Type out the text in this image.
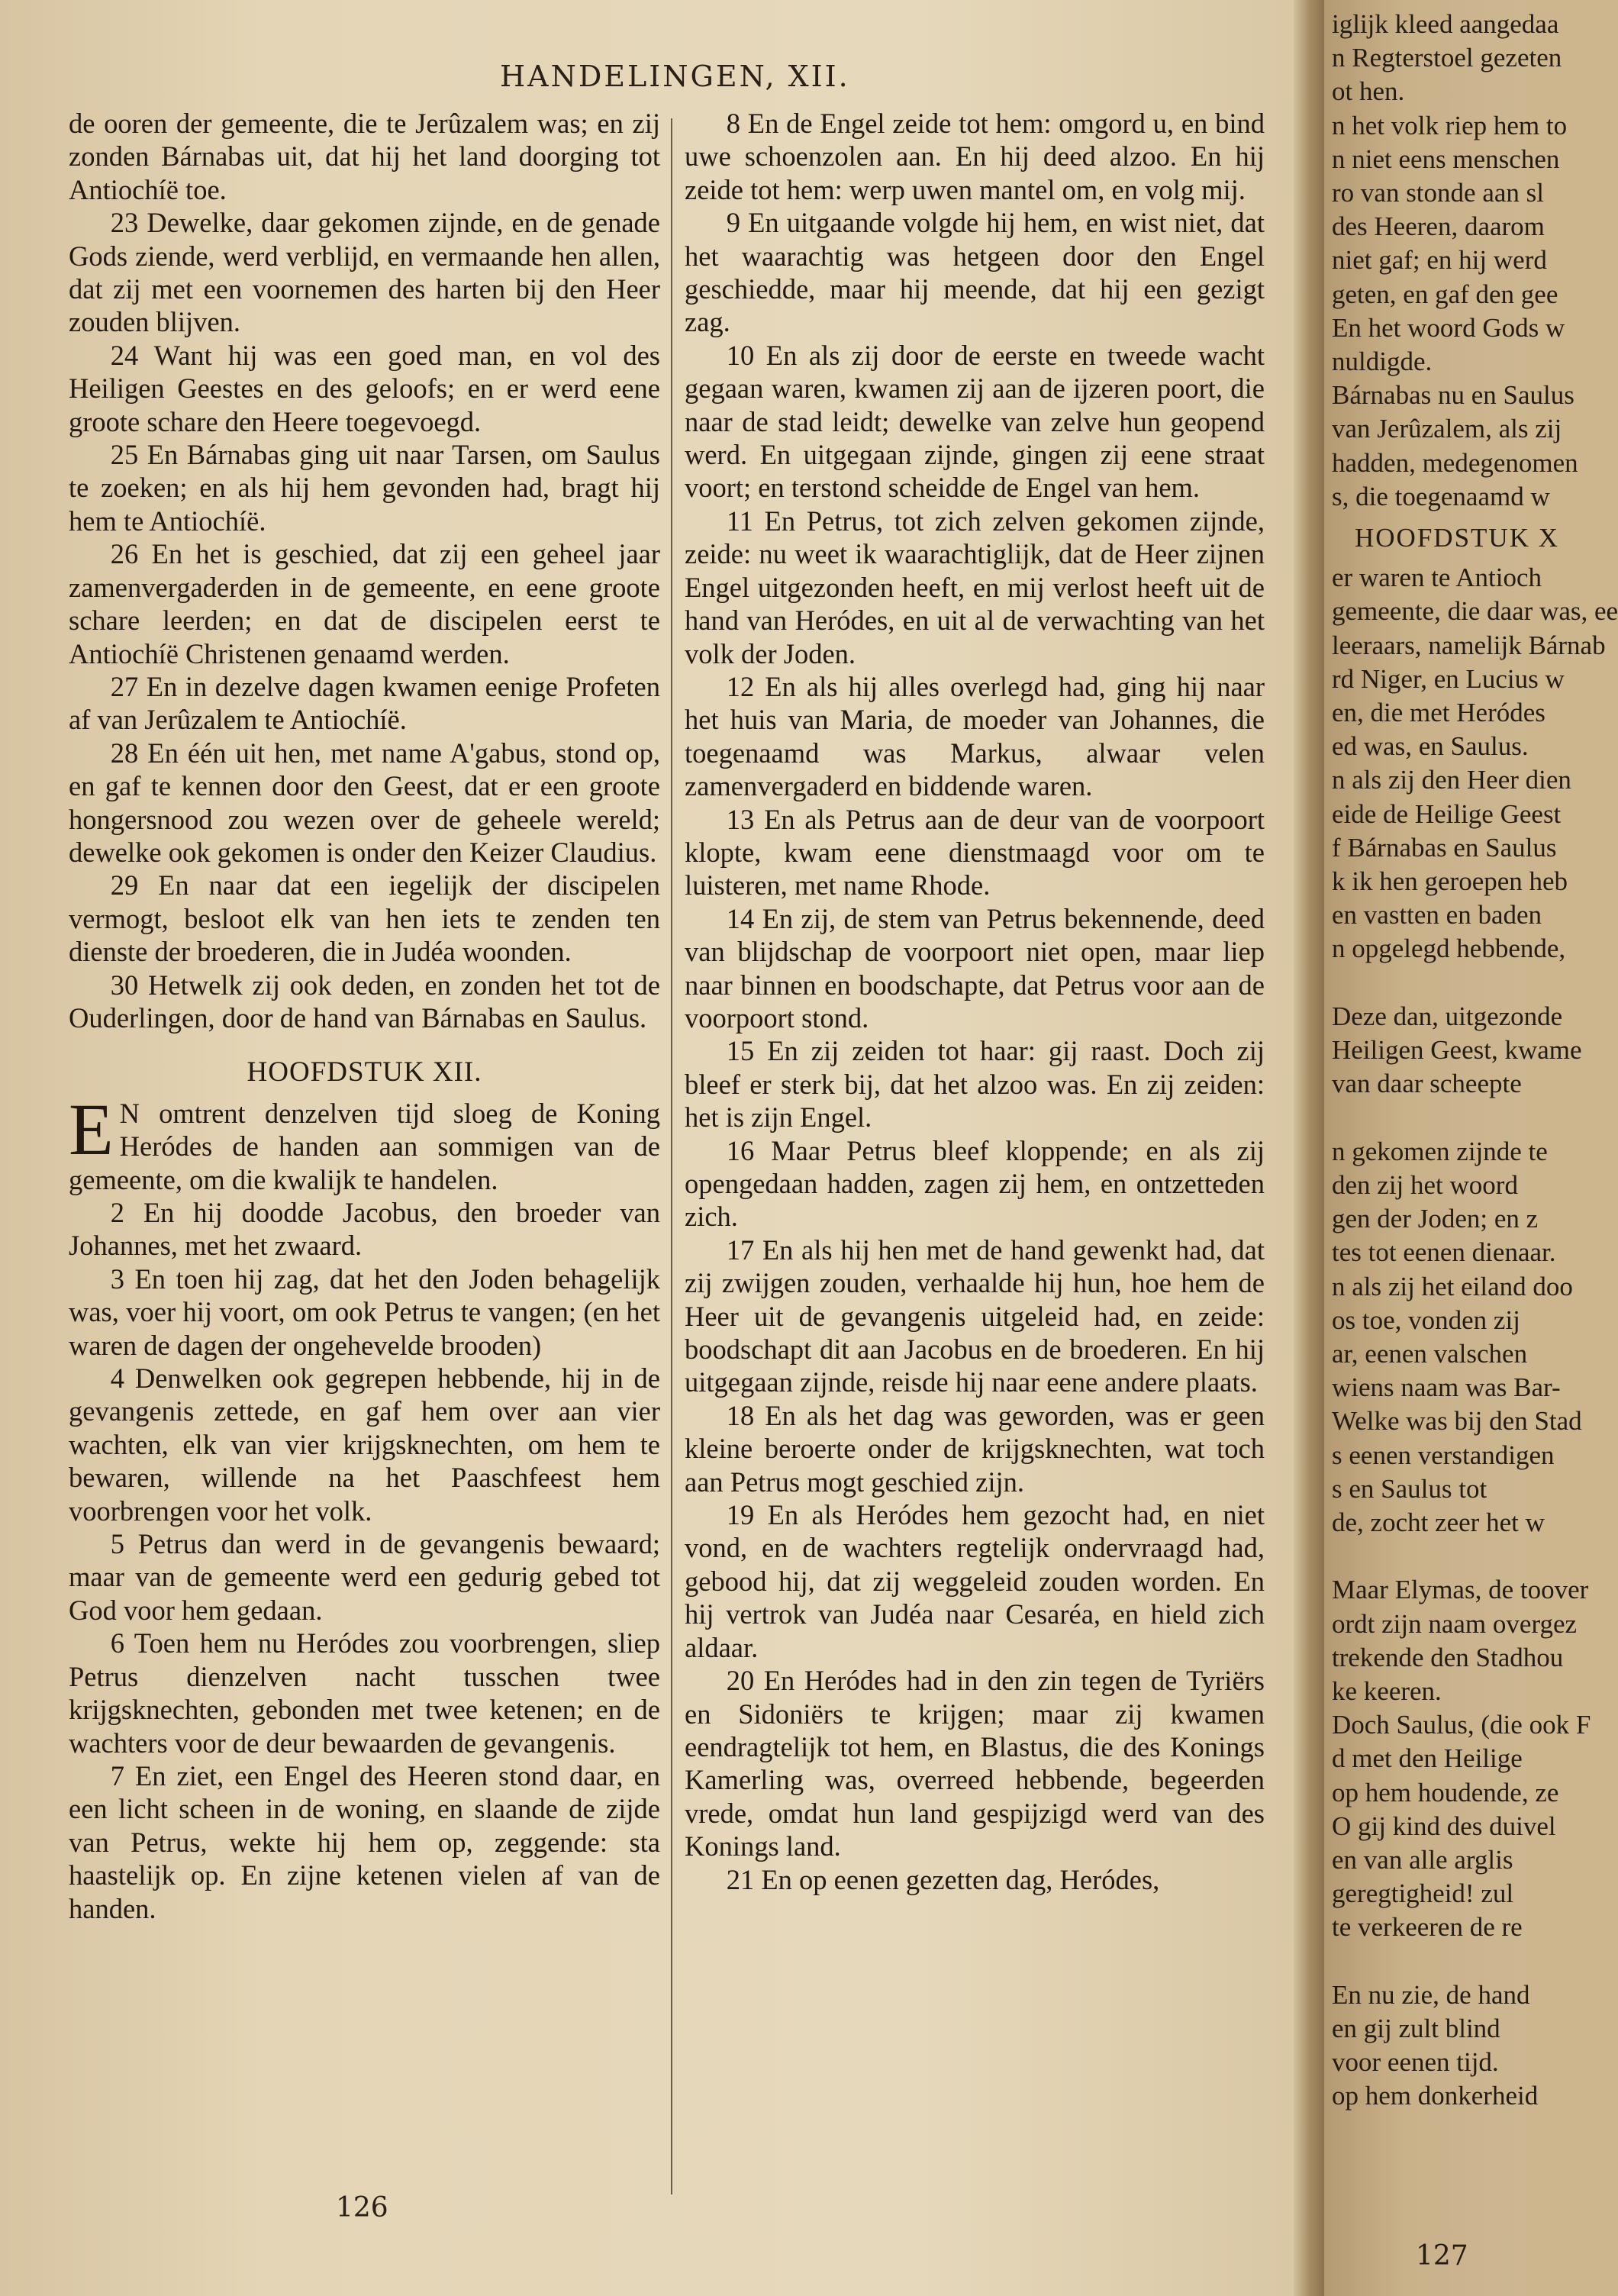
HANDELINGEN, XII.

de ooren der gemeente, die te Jerûzalem was; en zij zonden Bárnabas uit, dat hij het land doorging tot Antiochíë toe.

23 Dewelke, daar gekomen zijnde, en de genade Gods ziende, werd verblijd, en vermaande hen allen, dat zij met een voornemen des harten bij den Heer zouden blijven.

24 Want hij was een goed man, en vol des Heiligen Geestes en des geloofs; en er werd eene groote schare den Heere toegevoegd.

25 En Bárnabas ging uit naar Tarsen, om Saulus te zoeken; en als hij hem gevonden had, bragt hij hem te Antiochíë.

26 En het is geschied, dat zij een geheel jaar zamenvergaderden in de gemeente, en eene groote schare leerden; en dat de discipelen eerst te Antiochíë Christenen genaamd werden.

27 En in dezelve dagen kwamen eenige Profeten af van Jerûzalem te Antiochíë.

28 En één uit hen, met name A'gabus, stond op, en gaf te kennen door den Geest, dat er een groote hongersnood zou wezen over de geheele wereld; dewelke ook gekomen is onder den Keizer Claudius.

29 En naar dat een iegelijk der discipelen vermogt, besloot elk van hen iets te zenden ten dienste der broederen, die in Judéa woonden.

30 Hetwelk zij ook deden, en zonden het tot de Ouderlingen, door de hand van Bárnabas en Saulus.

HOOFDSTUK XII.
E N omtrent denzelven tijd sloeg de Koning Heródes de handen aan sommigen van de gemeente, om die kwalijk te handelen.

2 En hij doodde Jacobus, den broeder van Johannes, met het zwaard.

3 En toen hij zag, dat het den Joden behagelijk was, voer hij voort, om ook Petrus te vangen; (en het waren de dagen der ongehevelde brooden)

4 Denwelken ook gegrepen hebbende, hij in de gevangenis zettede, en gaf hem over aan vier wachten, elk van vier krijgsknechten, om hem te bewaren, willende na het Paaschfeest hem voorbrengen voor het volk.

5 Petrus dan werd in de gevangenis bewaard; maar van de gemeente werd een gedurig gebed tot God voor hem gedaan.

6 Toen hem nu Heródes zou voorbrengen, sliep Petrus dienzelven nacht tusschen twee krijgsknechten, gebonden met twee ketenen; en de wachters voor de deur bewaarden de gevangenis.

7 En ziet, een Engel des Heeren stond daar, en een licht scheen in de woning, en slaande de zijde van Petrus, wekte hij hem op, zeggende: sta haastelijk op. En zijne ketenen vielen af van de handen.

8 En de Engel zeide tot hem: omgord u, en bind uwe schoenzolen aan. En hij deed alzoo. En hij zeide tot hem: werp uwen mantel om, en volg mij.

9 En uitgaande volgde hij hem, en wist niet, dat het waarachtig was hetgeen door den Engel geschiedde, maar hij meende, dat hij een gezigt zag.

10 En als zij door de eerste en tweede wacht gegaan waren, kwamen zij aan de ijzeren poort, die naar de stad leidt; dewelke van zelve hun geopend werd. En uitgegaan zijnde, gingen zij eene straat voort; en terstond scheidde de Engel van hem.

11 En Petrus, tot zich zelven gekomen zijnde, zeide: nu weet ik waarachtiglijk, dat de Heer zijnen Engel uitgezonden heeft, en mij verlost heeft uit de hand van Heródes, en uit al de verwachting van het volk der Joden.

12 En als hij alles overlegd had, ging hij naar het huis van Maria, de moeder van Johannes, die toegenaamd was Markus, alwaar velen zamenvergaderd en biddende waren.

13 En als Petrus aan de deur van de voorpoort klopte, kwam eene dienstmaagd voor om te luisteren, met name Rhode.

14 En zij, de stem van Petrus bekennende, deed van blijdschap de voorpoort niet open, maar liep naar binnen en boodschapte, dat Petrus voor aan de voorpoort stond.

15 En zij zeiden tot haar: gij raast. Doch zij bleef er sterk bij, dat het alzoo was. En zij zeiden: het is zijn Engel.

16 Maar Petrus bleef kloppende; en als zij opengedaan hadden, zagen zij hem, en ontzetteden zich.

17 En als hij hen met de hand gewenkt had, dat zij zwijgen zouden, verhaalde hij hun, hoe hem de Heer uit de gevangenis uitgeleid had, en zeide: boodschapt dit aan Jacobus en de broederen. En hij uitgegaan zijnde, reisde hij naar eene andere plaats.

18 En als het dag was geworden, was er geen kleine beroerte onder de krijgsknechten, wat toch aan Petrus mogt geschied zijn.

19 En als Heródes hem gezocht had, en niet vond, en de wachters regtelijk ondervraagd had, gebood hij, dat zij weggeleid zouden worden. En hij vertrok van Judéa naar Cesaréa, en hield zich aldaar.

20 En Heródes had in den zin tegen de Tyriërs en Sidoniërs te krijgen; maar zij kwamen eendragtelijk tot hem, en Blastus, die des Konings Kamerling was, overreed hebbende, begeerden vrede, omdat hun land gespijzigd werd van des Konings land.

21 En op eenen gezetten dag, Heródes,

126
iglijk kleed aangedaa
n Regterstoel gezeten
ot hen.
n het volk riep hem to
n niet eens menschen
ro van stonde aan sl
des Heeren, daarom
niet gaf; en hij werd
geten, en gaf den gee
En het woord Gods w
nuldigde.
Bárnabas nu en Saulus
van Jerûzalem, als zij
hadden, medegenomen
s, die toegenaamd w
HOOFDSTUK X
er waren te Antioch
gemeente, die daar was, ee
leeraars, namelijk Bárnab
rd Niger, en Lucius w
en, die met Heródes
ed was, en Saulus.
n als zij den Heer dien
eide de Heilige Geest
f Bárnabas en Saulus
k ik hen geroepen heb
en vastten en baden
n opgelegd hebbende,

Deze dan, uitgezonde
Heiligen Geest, kwame
van daar scheepte

n gekomen zijnde te
den zij het woord
gen der Joden; en z
tes tot eenen dienaar.
n als zij het eiland doo
os toe, vonden zij
ar, eenen valschen
wiens naam was Bar-
Welke was bij den Stad
s eenen verstandigen
s en Saulus tot
de, zocht zeer het w

Maar Elymas, de toover
ordt zijn naam overgez
trekende den Stadhou
ke keeren.
Doch Saulus, (die ook F
d met den Heilige
op hem houdende, ze
O gij kind des duivel
en van alle arglis
geregtigheid! zul
te verkeeren de re

En nu zie, de hand
en gij zult blind
voor eenen tijd.
op hem donkerheid
127
